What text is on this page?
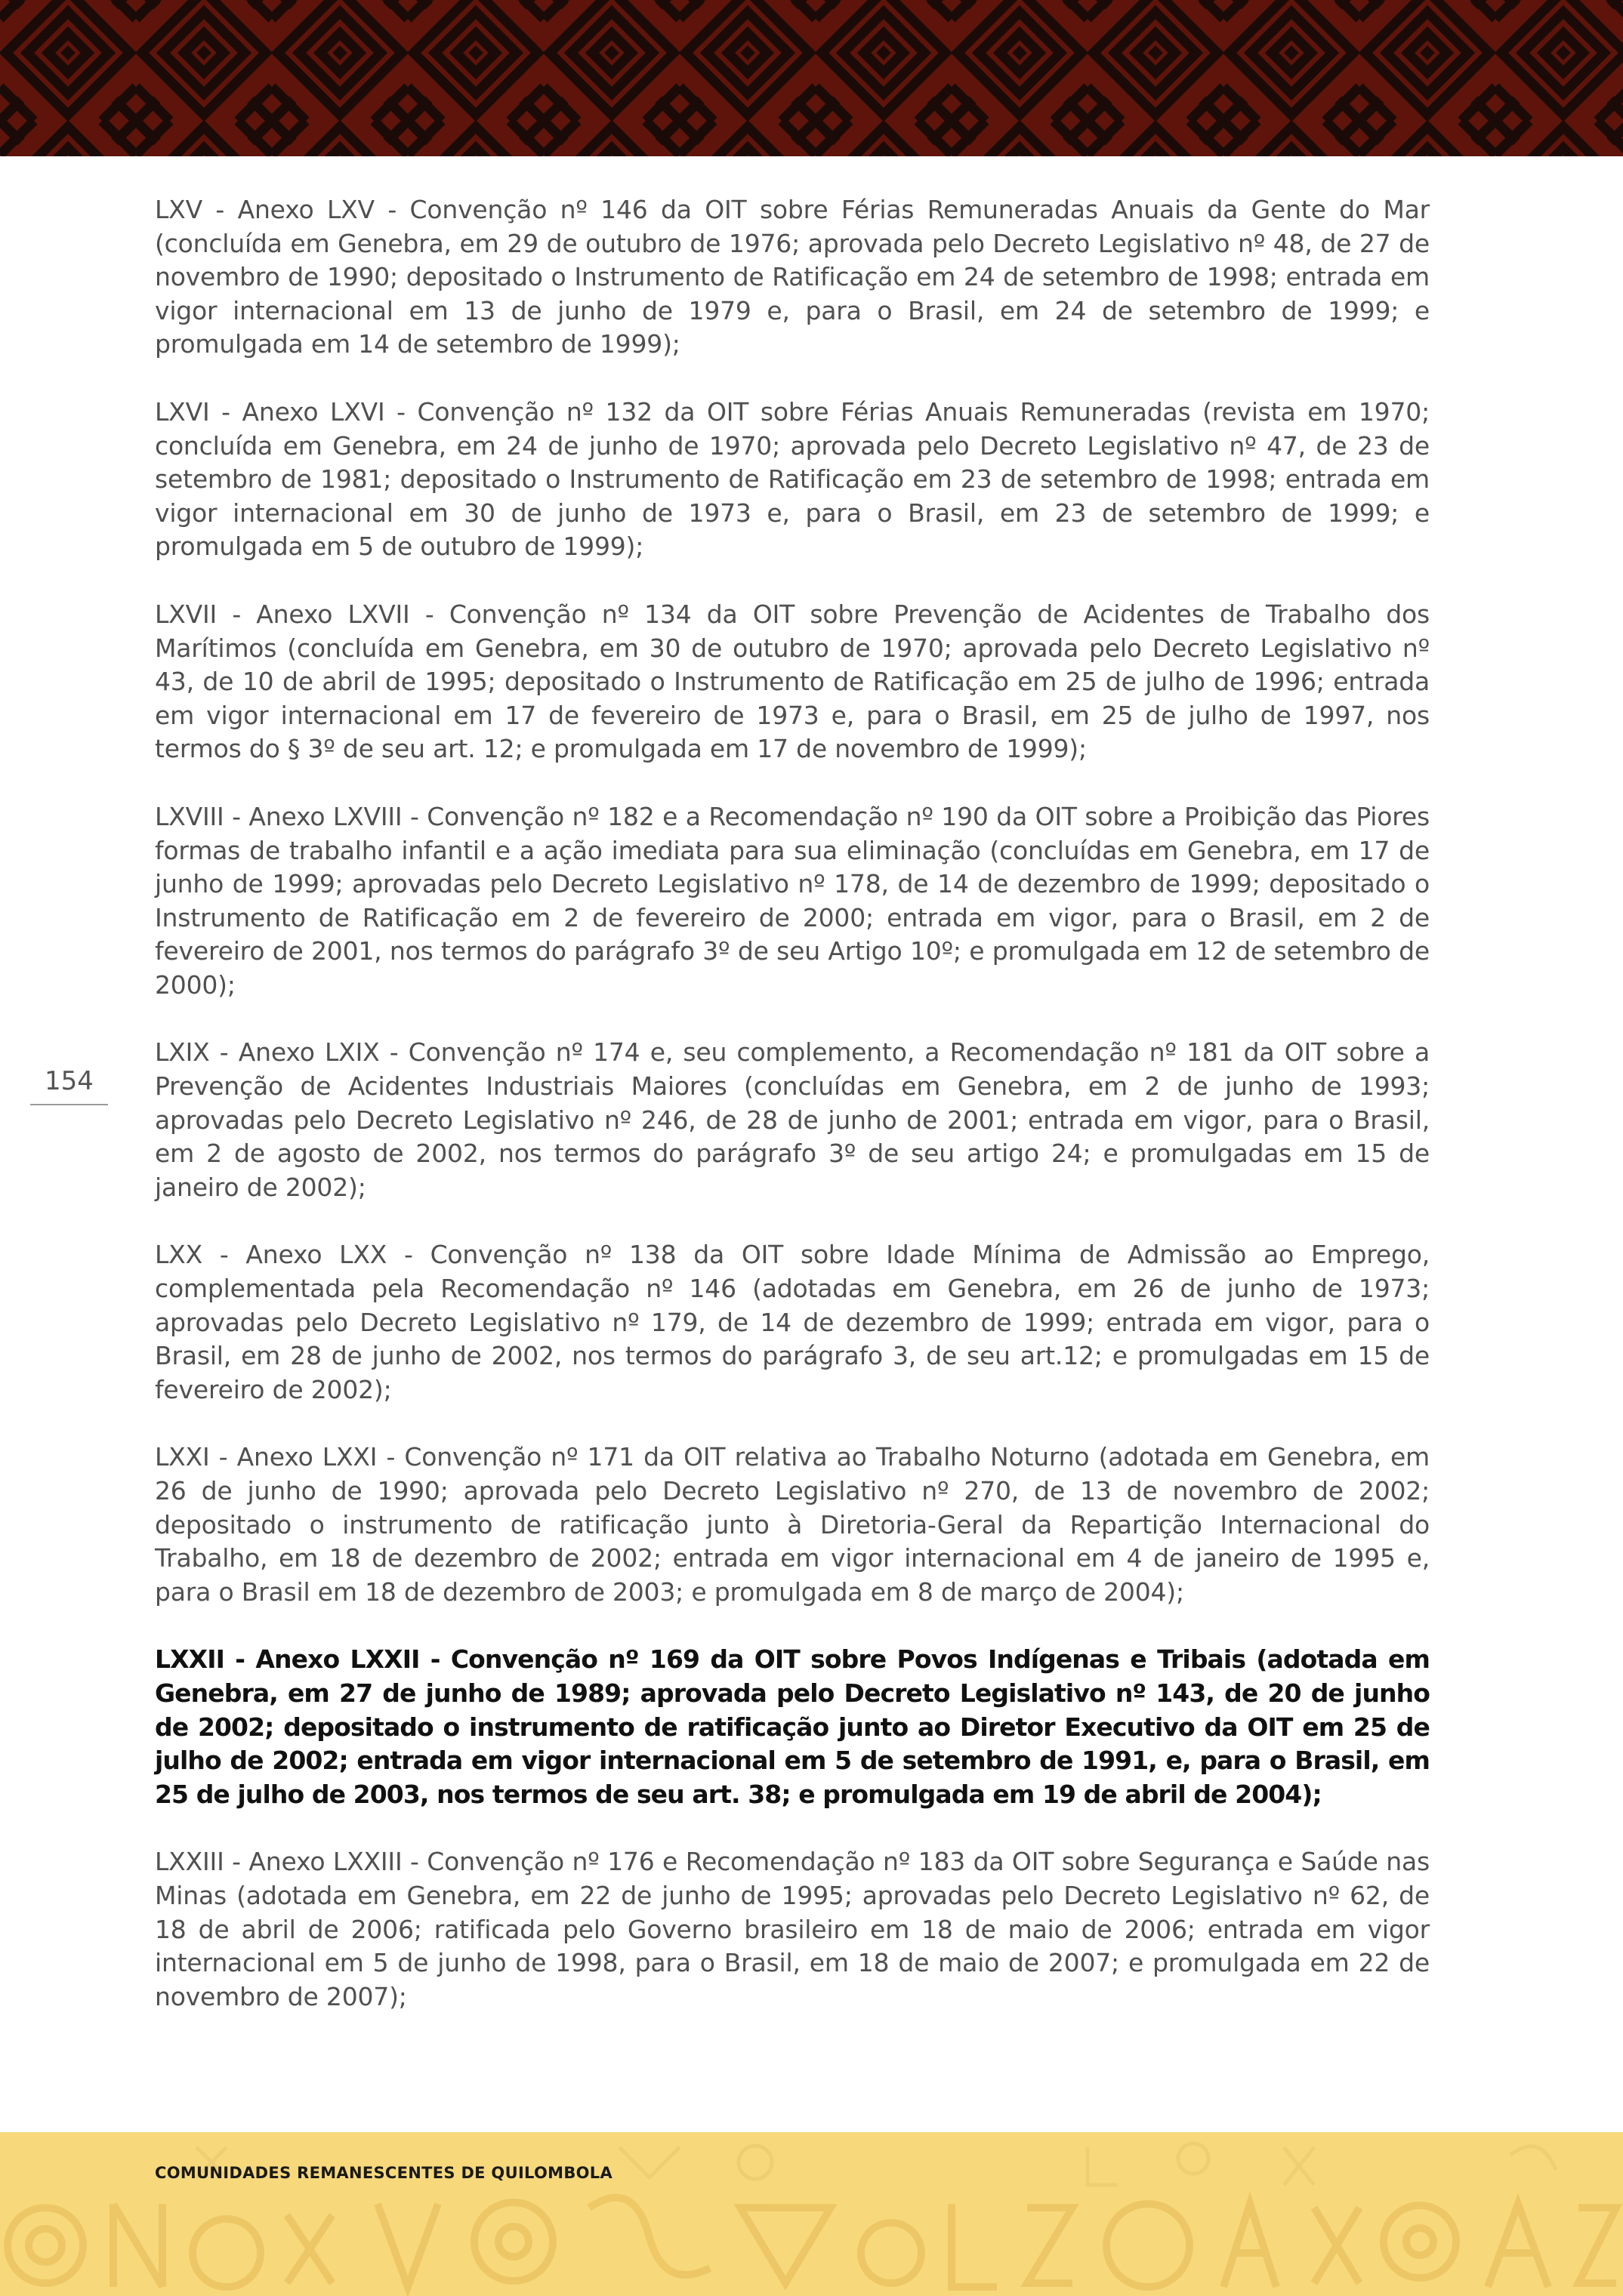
154

LXV - Anexo LXV - Convenção nº 146 da OIT sobre Férias Remuneradas Anuais da Gente do Mar (concluída em Genebra, em 29 de outubro de 1976; aprovada pelo Decreto Legislativo nº 48, de 27 de novembro de 1990; depositado o Instrumento de Ratificação em 24 de setembro de 1998; entrada em vigor internacional em 13 de junho de 1979 e, para o Brasil, em 24 de setembro de 1999; e promulgada em 14 de setembro de 1999);

LXVI - Anexo LXVI - Convenção nº 132 da OIT sobre Férias Anuais Remuneradas (revista em 1970; concluída em Genebra, em 24 de junho de 1970; aprovada pelo Decreto Legislativo nº 47, de 23 de setembro de 1981; depositado o Instrumento de Ratificação em 23 de setembro de 1998; entrada em vigor internacional em 30 de junho de 1973 e, para o Brasil, em 23 de setembro de 1999; e promulgada em 5 de outubro de 1999);

LXVII - Anexo LXVII - Convenção nº 134 da OIT sobre Prevenção de Acidentes de Trabalho dos Marítimos (concluída em Genebra, em 30 de outubro de 1970; aprovada pelo Decreto Legislativo nº 43, de 10 de abril de 1995; depositado o Instrumento de Ratificação em 25 de julho de 1996; entrada em vigor internacional em 17 de fevereiro de 1973 e, para o Brasil, em 25 de julho de 1997, nos termos do § 3º de seu art. 12; e promulgada em 17 de novembro de 1999);

LXVIII - Anexo LXVIII - Convenção nº 182 e a Recomendação nº 190 da OIT sobre a Proibição das Piores formas de trabalho infantil e a ação imediata para sua eliminação (concluídas em Genebra, em 17 de junho de 1999; aprovadas pelo Decreto Legislativo nº 178, de 14 de dezembro de 1999; depositado o Instrumento de Ratificação em 2 de fevereiro de 2000; entrada em vigor, para o Brasil, em 2 de fevereiro de 2001, nos termos do parágrafo 3º de seu Artigo 10º; e promulgada em 12 de setembro de 2000);

LXIX - Anexo LXIX - Convenção nº 174 e, seu complemento, a Recomendação nº 181 da OIT sobre a Prevenção de Acidentes Industriais Maiores (concluídas em Genebra, em 2 de junho de 1993; aprovadas pelo Decreto Legislativo nº 246, de 28 de junho de 2001; entrada em vigor, para o Brasil, em 2 de agosto de 2002, nos termos do parágrafo 3º de seu artigo 24; e promulgadas em 15 de janeiro de 2002);

LXX - Anexo LXX - Convenção nº 138 da OIT sobre Idade Mínima de Admissão ao Emprego, complementada pela Recomendação nº 146 (adotadas em Genebra, em 26 de junho de 1973; aprovadas pelo Decreto Legislativo nº 179, de 14 de dezembro de 1999; entrada em vigor, para o Brasil, em 28 de junho de 2002, nos termos do parágrafo 3, de seu art.12; e promulgadas em 15 de fevereiro de 2002);

LXXI - Anexo LXXI - Convenção nº 171 da OIT relativa ao Trabalho Noturno (adotada em Genebra, em 26 de junho de 1990; aprovada pelo Decreto Legislativo nº 270, de 13 de novembro de 2002; depositado o instrumento de ratificação junto à Diretoria-Geral da Repartição Internacional do Trabalho, em 18 de dezembro de 2002; entrada em vigor internacional em 4 de janeiro de 1995 e, para o Brasil em 18 de dezembro de 2003; e promulgada em 8 de março de 2004);

LXXII - Anexo LXXII - Convenção nº 169 da OIT sobre Povos Indígenas e Tribais (adotada em Genebra, em 27 de junho de 1989; aprovada pelo Decreto Legislativo nº 143, de 20 de junho de 2002; depositado o instrumento de ratificação junto ao Diretor Executivo da OIT em 25 de julho de 2002; entrada em vigor internacional em 5 de setembro de 1991, e, para o Brasil, em 25 de julho de 2003, nos termos de seu art. 38; e promulgada em 19 de abril de 2004);

LXXIII - Anexo LXXIII - Convenção nº 176 e Recomendação nº 183 da OIT sobre Segurança e Saúde nas Minas (adotada em Genebra, em 22 de junho de 1995; aprovadas pelo Decreto Legislativo nº 62, de 18 de abril de 2006; ratificada pelo Governo brasileiro em 18 de maio de 2006; entrada em vigor internacional em 5 de junho de 1998, para o Brasil, em 18 de maio de 2007; e promulgada em 22 de novembro de 2007);

COMUNIDADES REMANESCENTES DE QUILOMBOLA
